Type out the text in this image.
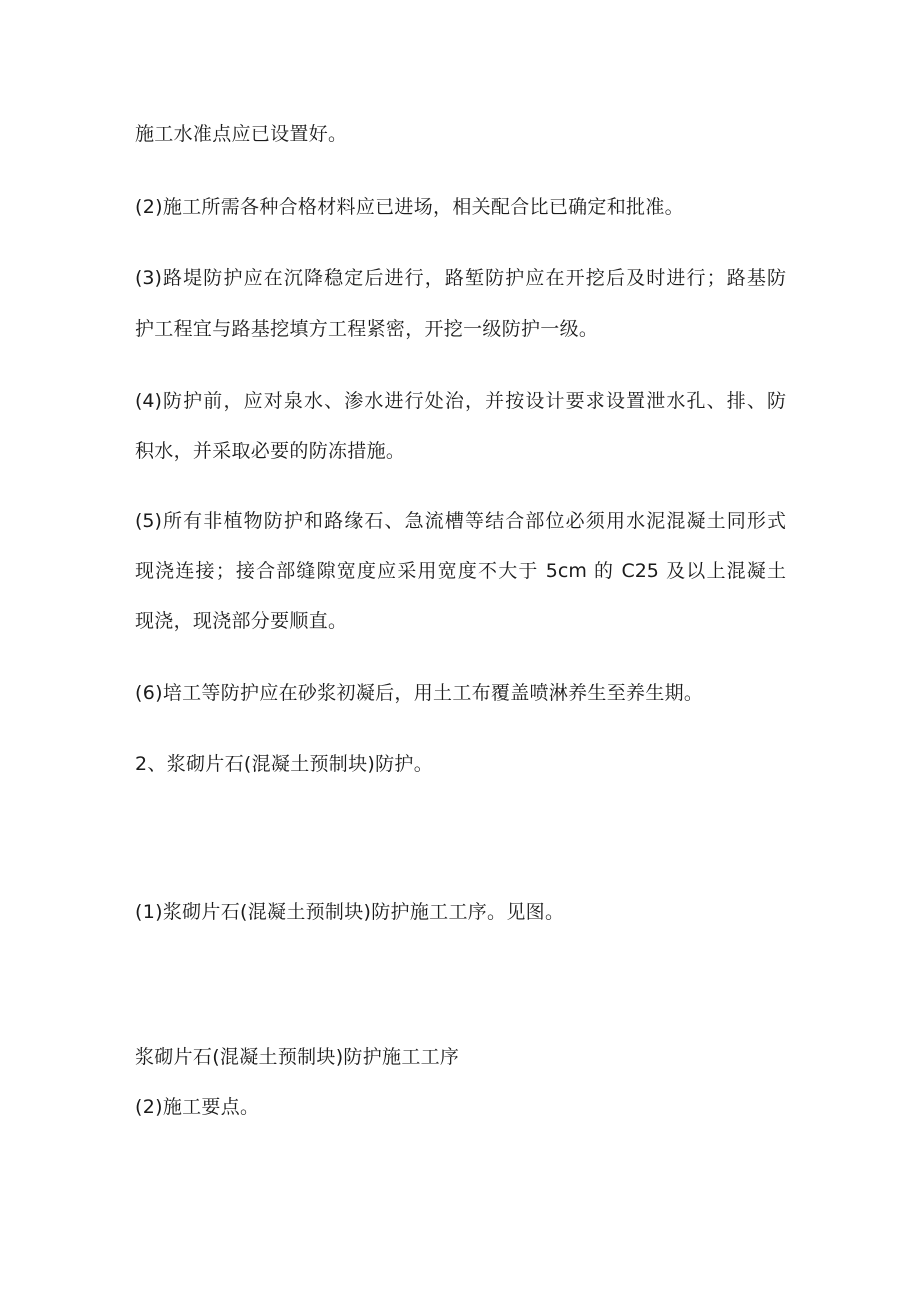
施工水准点应已设置好。

(2)施工所需各种合格材料应已进场，相关配合比已确定和批准。

(3)路堤防护应在沉降稳定后进行，路堑防护应在开挖后及时进行；路基防

护工程宜与路基挖填方工程紧密，开挖一级防护一级。

(4)防护前，应对泉水、渗水进行处治，并按设计要求设置泄水孔、排、防

积水，并采取必要的防冻措施。

(5)所有非植物防护和路缘石、急流槽等结合部位必须用水泥混凝土同形式

现浇连接；接合部缝隙宽度应采用宽度不大于 5cm 的 C25 及以上混凝土

现浇，现浇部分要顺直。

(6)培工等防护应在砂浆初凝后，用土工布覆盖喷淋养生至养生期。

2、浆砌片石(混凝土预制块)防护。

(1)浆砌片石(混凝土预制块)防护施工工序。见图。

浆砌片石(混凝土预制块)防护施工工序

(2)施工要点。
